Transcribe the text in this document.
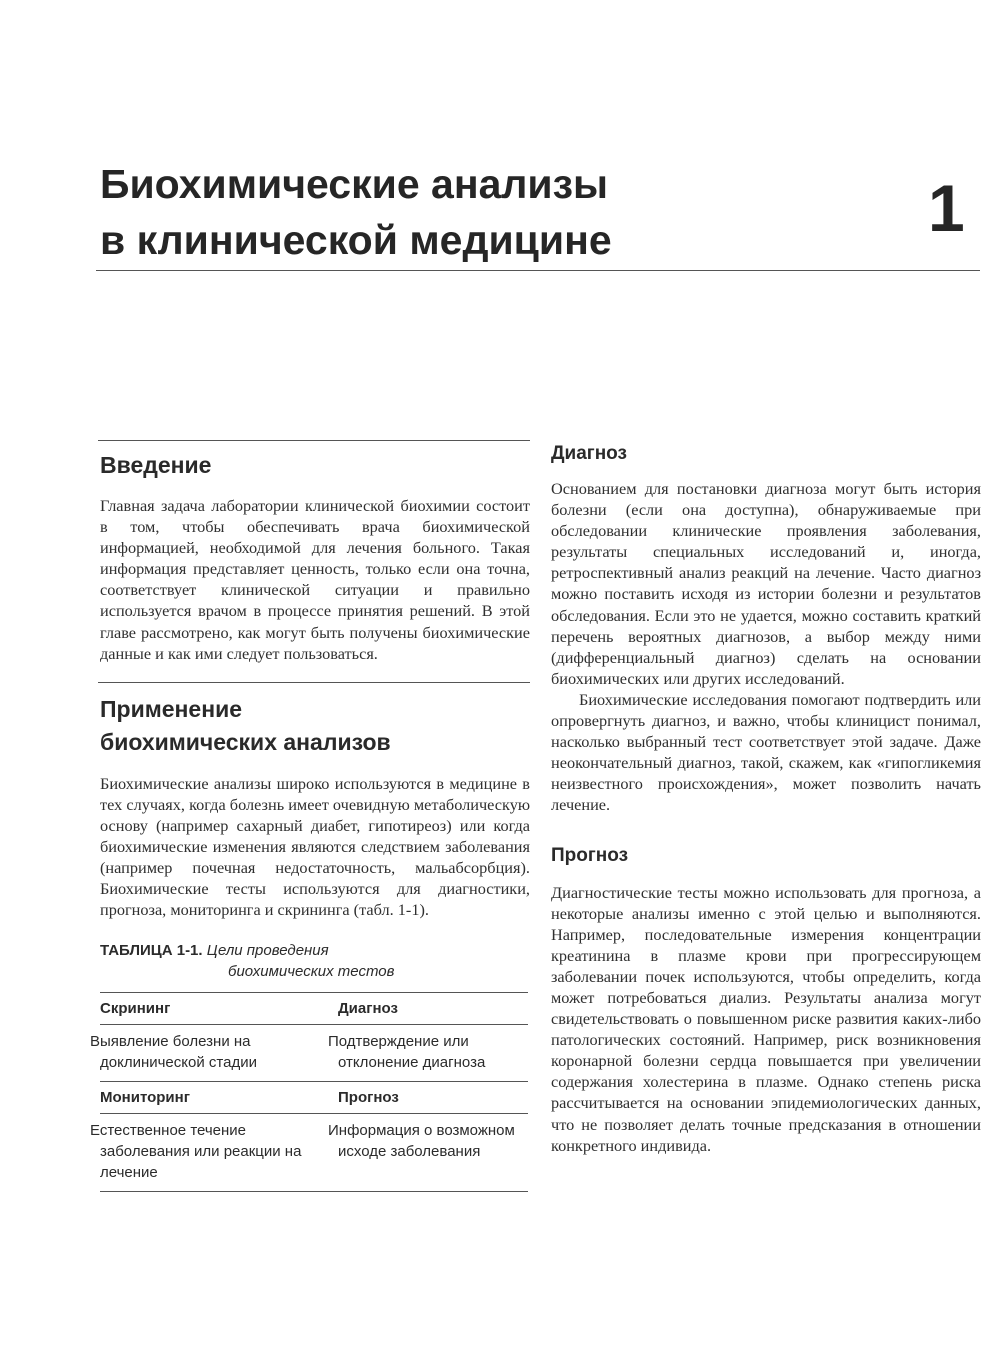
Биохимические анализы
в клинической медицине	1
Введение

Главная задача лаборатории клинической биохимии состоит в том, чтобы обеспечивать врача биохимической информацией, необходимой для лечения больного. Такая информация представляет ценность, только если она точна, соответствует клинической ситуации и правильно используется врачом в процессе принятия решений. В этой главе рассмотрено, как могут быть получены биохимические данные и как ими следует пользоваться.

Применение
биохимических анализов

Биохимические анализы широко используются в медицине в тех случаях, когда болезнь имеет очевидную метаболическую основу (например сахарный диабет, гипотиреоз) или когда биохимические изменения являются следствием заболевания (например почечная недостаточность, мальабсорбция). Биохимические тесты используются для диагностики, прогноза, мониторинга и скрининга (табл. 1-1).

ТАБЛИЦА 1-1. Цели проведения
биохимических тестов
Скрининг	Диагноз
Выявление болезни на доклинической стадии	Подтверждение или отклонение диагноза
Мониторинг	Прогноз
Естественное течение заболевания или реакции на лечение	Информация о возможном исходе заболевания
Диагноз

Основанием для постановки диагноза могут быть история болезни (если она доступна), обнаруживаемые при обследовании клинические проявления заболевания, результаты специальных исследований и, иногда, ретроспективный анализ реакций на лечение. Часто диагноз можно поставить исходя из истории болезни и результатов обследования. Если это не удается, можно составить краткий перечень вероятных диагнозов, а выбор между ними (дифференциальный диагноз) сделать на основании биохимических или других исследований.

Биохимические исследования помогают подтвердить или опровергнуть диагноз, и важно, чтобы клиницист понимал, насколько выбранный тест соответствует этой задаче. Даже неокончательный диагноз, такой, скажем, как «гипогликемия неизвестного происхождения», может позволить начать лечение.

Прогноз

Диагностические тесты можно использовать для прогноза, а некоторые анализы именно с этой целью и выполняются. Например, последовательные измерения концентрации креатинина в плазме крови при прогрессирующем заболевании почек используются, чтобы определить, когда может потребоваться диализ. Результаты анализа могут свидетельствовать о повышенном риске развития каких-либо патологических состояний. Например, риск возникновения коронарной болезни сердца повышается при увеличении содержания холестерина в плазме. Однако степень риска рассчитывается на основании эпидемиологических данных, что не позволяет делать точные предсказания в отношении конкретного индивида.
